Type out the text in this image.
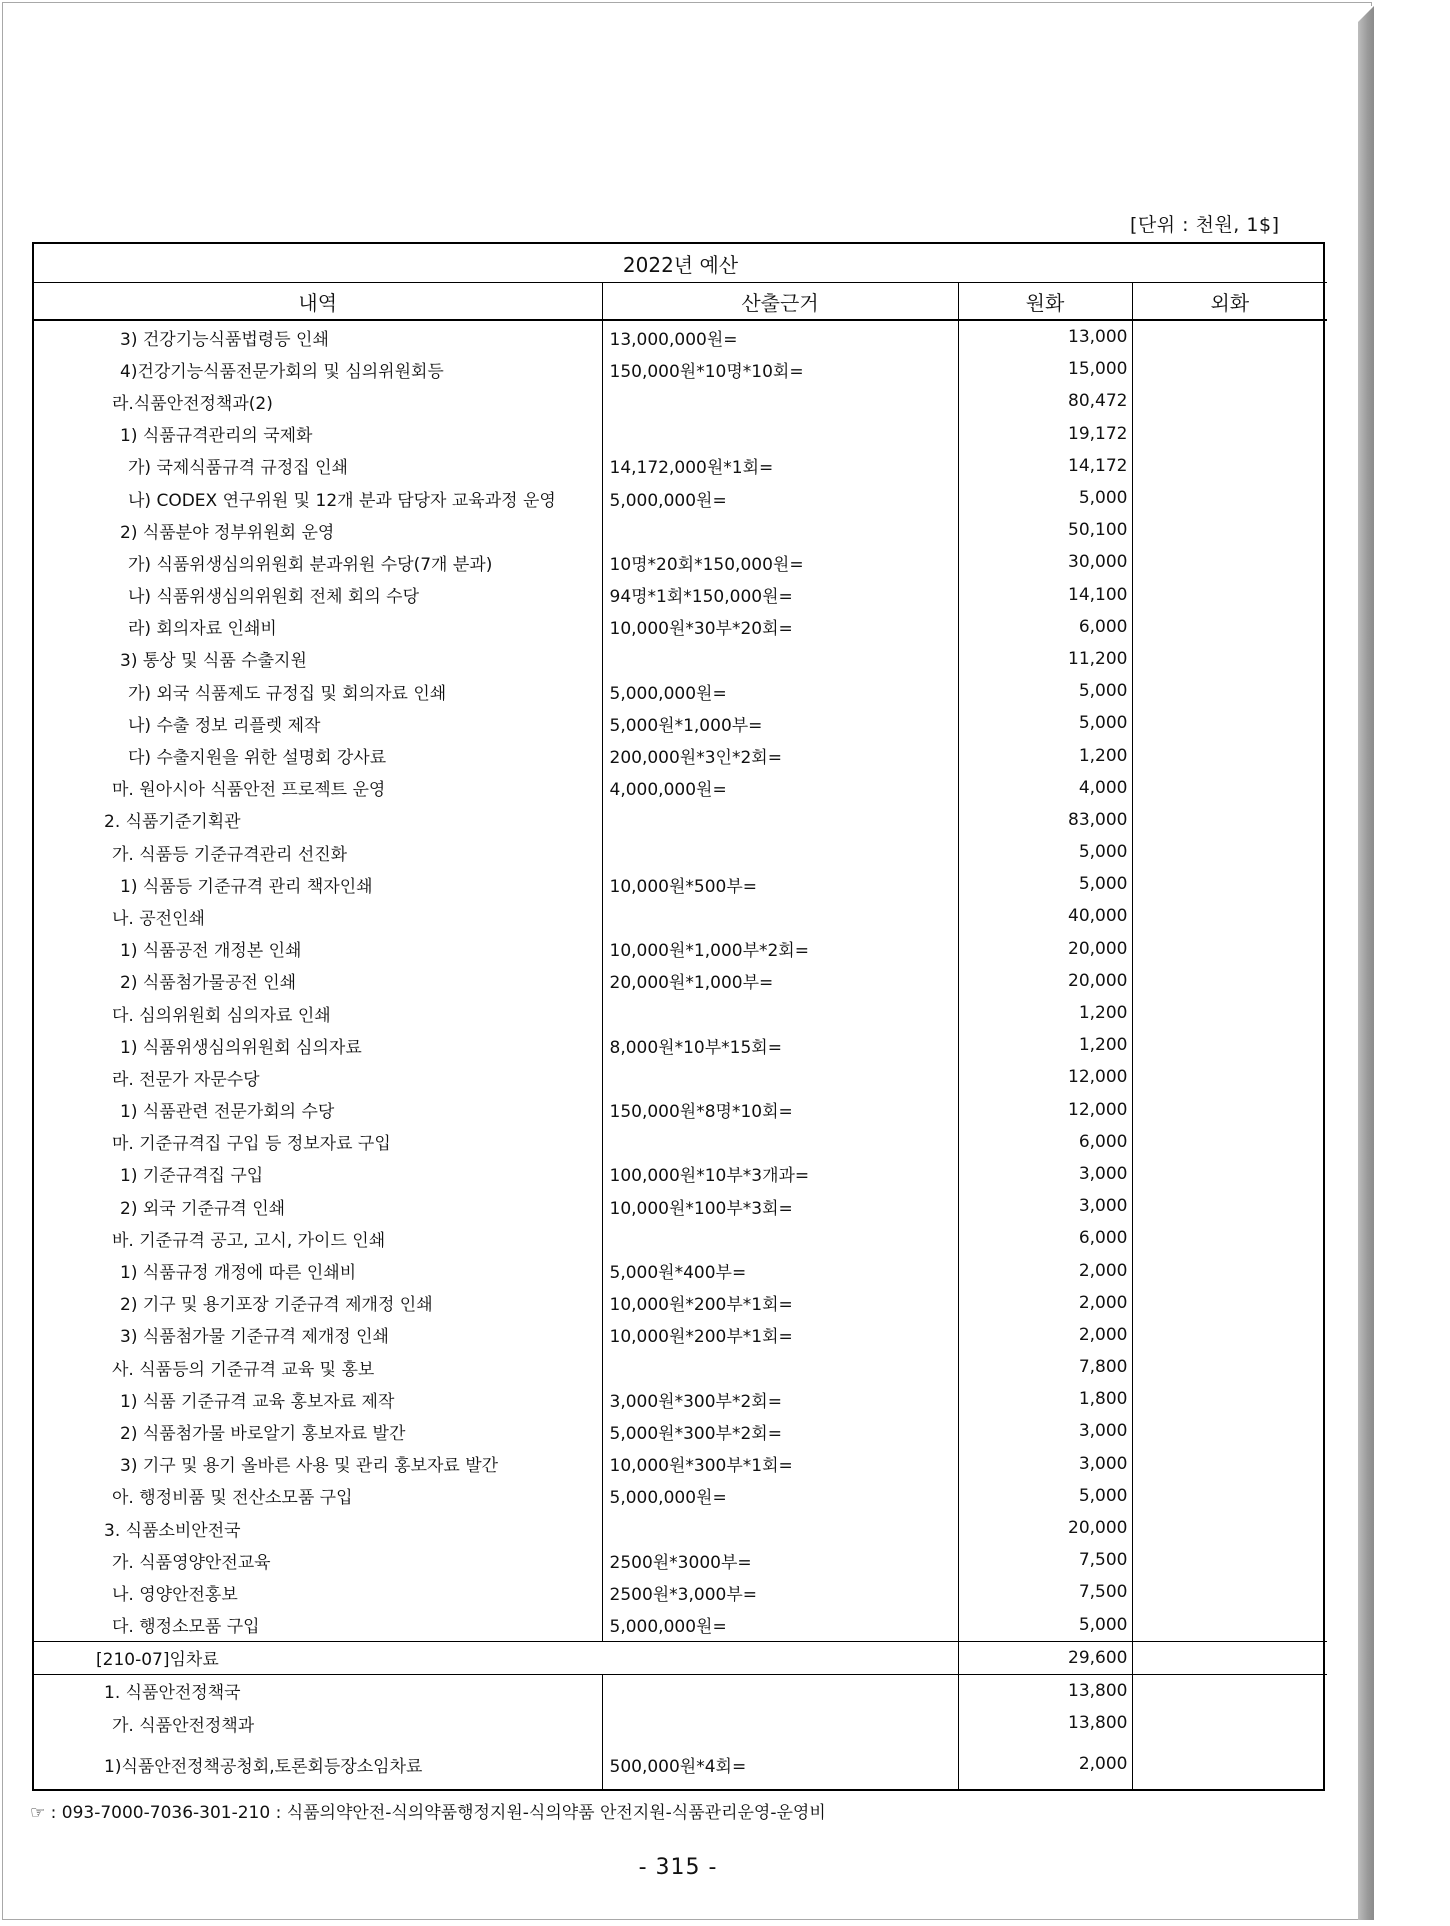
[단위 : 천원, 1$]
2022년 예산			
내역	산출근거	원화	외화
3) 건강기능식품법령등 인쇄	13,000,000원=	13,000	
4)건강기능식품전문가회의 및 심의위원회등	150,000원*10명*10회=	15,000	
라.식품안전정책과(2)		80,472	
1) 식품규격관리의 국제화		19,172	
가) 국제식품규격 규정집 인쇄	14,172,000원*1회=	14,172	
나) CODEX 연구위원 및 12개 분과 담당자 교육과정 운영	5,000,000원=	5,000	
2) 식품분야 정부위원회 운영		50,100	
가) 식품위생심의위원회 분과위원 수당(7개 분과)	10명*20회*150,000원=	30,000	
나) 식품위생심의위원회 전체 회의 수당	94명*1회*150,000원=	14,100	
라) 회의자료 인쇄비	10,000원*30부*20회=	6,000	
3) 통상 및 식품 수출지원		11,200	
가) 외국 식품제도 규정집 및 회의자료 인쇄	5,000,000원=	5,000	
나) 수출 정보 리플렛 제작	5,000원*1,000부=	5,000	
다) 수출지원을 위한 설명회 강사료	200,000원*3인*2회=	1,200	
마. 원아시아 식품안전 프로젝트 운영	4,000,000원=	4,000	
2. 식품기준기획관		83,000	
가. 식품등 기준규격관리 선진화		5,000	
1) 식품등 기준규격 관리 책자인쇄	10,000원*500부=	5,000	
나. 공전인쇄		40,000	
1) 식품공전 개정본 인쇄	10,000원*1,000부*2회=	20,000	
2) 식품첨가물공전 인쇄	20,000원*1,000부=	20,000	
다. 심의위원회 심의자료 인쇄		1,200	
1) 식품위생심의위원회 심의자료	8,000원*10부*15회=	1,200	
라. 전문가 자문수당		12,000	
1) 식품관련 전문가회의 수당	150,000원*8명*10회=	12,000	
마. 기준규격집 구입 등 정보자료 구입		6,000	
1) 기준규격집 구입	100,000원*10부*3개과=	3,000	
2) 외국 기준규격 인쇄	10,000원*100부*3회=	3,000	
바. 기준규격 공고, 고시, 가이드 인쇄		6,000	
1) 식품규정 개정에 따른 인쇄비	5,000원*400부=	2,000	
2) 기구 및 용기포장 기준규격 제개정 인쇄	10,000원*200부*1회=	2,000	
3) 식품첨가물 기준규격 제개정 인쇄	10,000원*200부*1회=	2,000	
사. 식품등의 기준규격 교육 및 홍보		7,800	
1) 식품 기준규격 교육 홍보자료 제작	3,000원*300부*2회=	1,800	
2) 식품첨가물 바로알기 홍보자료 발간	5,000원*300부*2회=	3,000	
3) 기구 및 용기 올바른 사용 및 관리 홍보자료 발간	10,000원*300부*1회=	3,000	
아. 행정비품 및 전산소모품 구입	5,000,000원=	5,000	
3. 식품소비안전국		20,000	
가. 식품영양안전교육	2500원*3000부=	7,500	
나. 영양안전홍보	2500원*3,000부=	7,500	
다. 행정소모품 구입	5,000,000원=	5,000	
[210-07]임차료		29,600	
1. 식품안전정책국		13,800	
가. 식품안전정책과		13,800	
1)식품안전정책공청회,토론회등장소임차료	500,000원*4회=	2,000	
☞ : 093-7000-7036-301-210 : 식품의약안전-식의약품행정지원-식의약품 안전지원-식품관리운영-운영비
- 315 -
